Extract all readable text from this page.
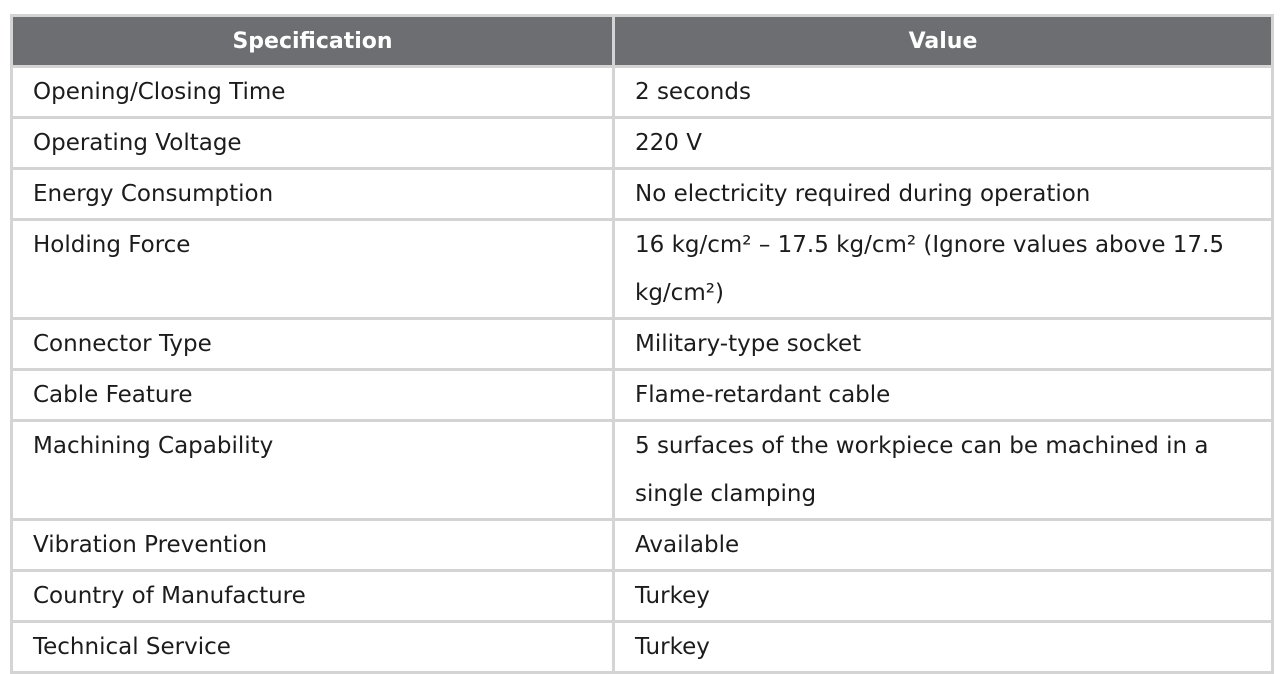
Specification	Value
Opening/Closing Time	2 seconds
Operating Voltage	220 V
Energy Consumption	No electricity required during operation
Holding Force	16 kg/cm² – 17.5 kg/cm² (Ignore values above 17.5 kg/cm²)
Connector Type	Military-type socket
Cable Feature	Flame-retardant cable
Machining Capability	5 surfaces of the workpiece can be machined in a single clamping
Vibration Prevention	Available
Country of Manufacture	Turkey
Technical Service	Turkey
